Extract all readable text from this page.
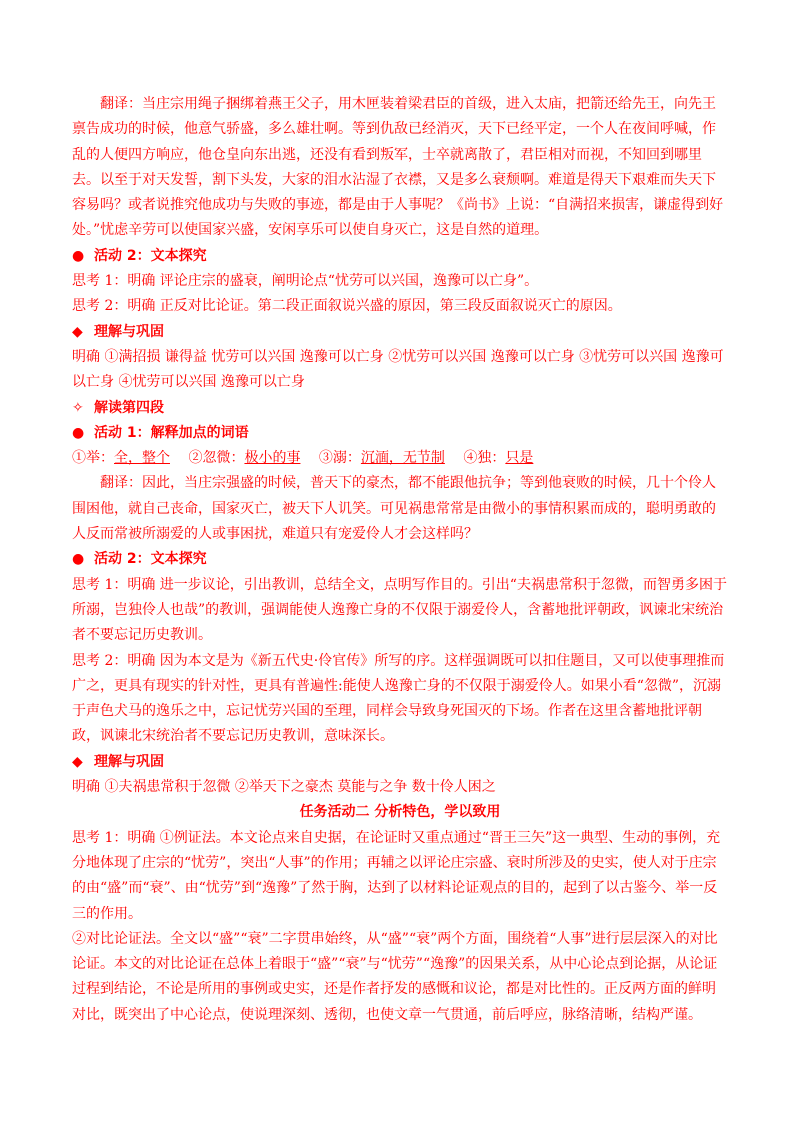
翻译：当庄宗用绳子捆绑着燕王父子，用木匣装着梁君臣的首级，进入太庙，把箭还给先王，向先王禀告成功的时候，他意气骄盛，多么雄壮啊。等到仇敌已经消灭，天下已经平定，一个人在夜间呼喊，作乱的人便四方响应，他仓皇向东出逃，还没有看到叛军，士卒就离散了，君臣相对而视，不知回到哪里去。以至于对天发誓，割下头发，大家的泪水沾湿了衣襟，又是多么衰颓啊。难道是得天下艰难而失天下容易吗？或者说推究他成功与失败的事迹，都是由于人事呢？《尚书》上说：“自满招来损害，谦虚得到好处。”忧虑辛劳可以使国家兴盛，安闲享乐可以使自身灭亡，这是自然的道理。

● 活动 2：文本探究

思考 1：明确 评论庄宗的盛衰，阐明论点“忧劳可以兴国，逸豫可以亡身”。

思考 2：明确 正反对比论证。第二段正面叙说兴盛的原因，第三段反面叙说灭亡的原因。

◆ 理解与巩固

明确 ①满招损 谦得益 忧劳可以兴国 逸豫可以亡身 ②忧劳可以兴国 逸豫可以亡身 ③忧劳可以兴国 逸豫可以亡身 ④忧劳可以兴国 逸豫可以亡身

✧ 解读第四段

● 活动 1：解释加点的词语

①举：全，整个 ②忽微：极小的事 ③溺：沉湎，无节制 ④独：只是

翻译：因此，当庄宗强盛的时候，普天下的豪杰，都不能跟他抗争；等到他衰败的时候，几十个伶人围困他，就自己丧命，国家灭亡，被天下人讥笑。可见祸患常常是由微小的事情积累而成的，聪明勇敢的人反而常被所溺爱的人或事困扰，难道只有宠爱伶人才会这样吗？

● 活动 2：文本探究

思考 1：明确 进一步议论，引出教训，总结全文，点明写作目的。引出“夫祸患常积于忽微，而智勇多困于所溺，岂独伶人也哉”的教训，强调能使人逸豫亡身的不仅限于溺爱伶人，含蓄地批评朝政，讽谏北宋统治者不要忘记历史教训。

思考 2：明确 因为本文是为《新五代史·伶官传》所写的序。这样强调既可以扣住题目，又可以使事理推而广之，更具有现实的针对性，更具有普遍性:能使人逸豫亡身的不仅限于溺爱伶人。如果小看“忽微”，沉溺于声色犬马的逸乐之中，忘记忧劳兴国的至理，同样会导致身死国灭的下场。作者在这里含蓄地批评朝政，讽谏北宋统治者不要忘记历史教训，意味深长。

◆ 理解与巩固

明确 ①夫祸患常积于忽微 ②举天下之豪杰 莫能与之争 数十伶人困之

任务活动二 分析特色，学以致用

思考 1：明确 ①例证法。本文论点来自史据，在论证时又重点通过“晋王三矢”这一典型、生动的事例，充分地体现了庄宗的“忧劳”，突出“人事”的作用；再辅之以评论庄宗盛、衰时所涉及的史实，使人对于庄宗的由“盛”而“衰”、由“忧劳”到“逸豫”了然于胸，达到了以材料论证观点的目的，起到了以古鉴今、举一反三的作用。

②对比论证法。全文以“盛”“衰”二字贯串始终，从“盛”“衰”两个方面，围绕着“人事”进行层层深入的对比论证。本文的对比论证在总体上着眼于“盛”“衰”与“忧劳”“逸豫”的因果关系，从中心论点到论据，从论证过程到结论，不论是所用的事例或史实，还是作者抒发的感慨和议论，都是对比性的。正反两方面的鲜明对比，既突出了中心论点，使说理深刻、透彻，也使文章一气贯通，前后呼应，脉络清晰，结构严谨。
